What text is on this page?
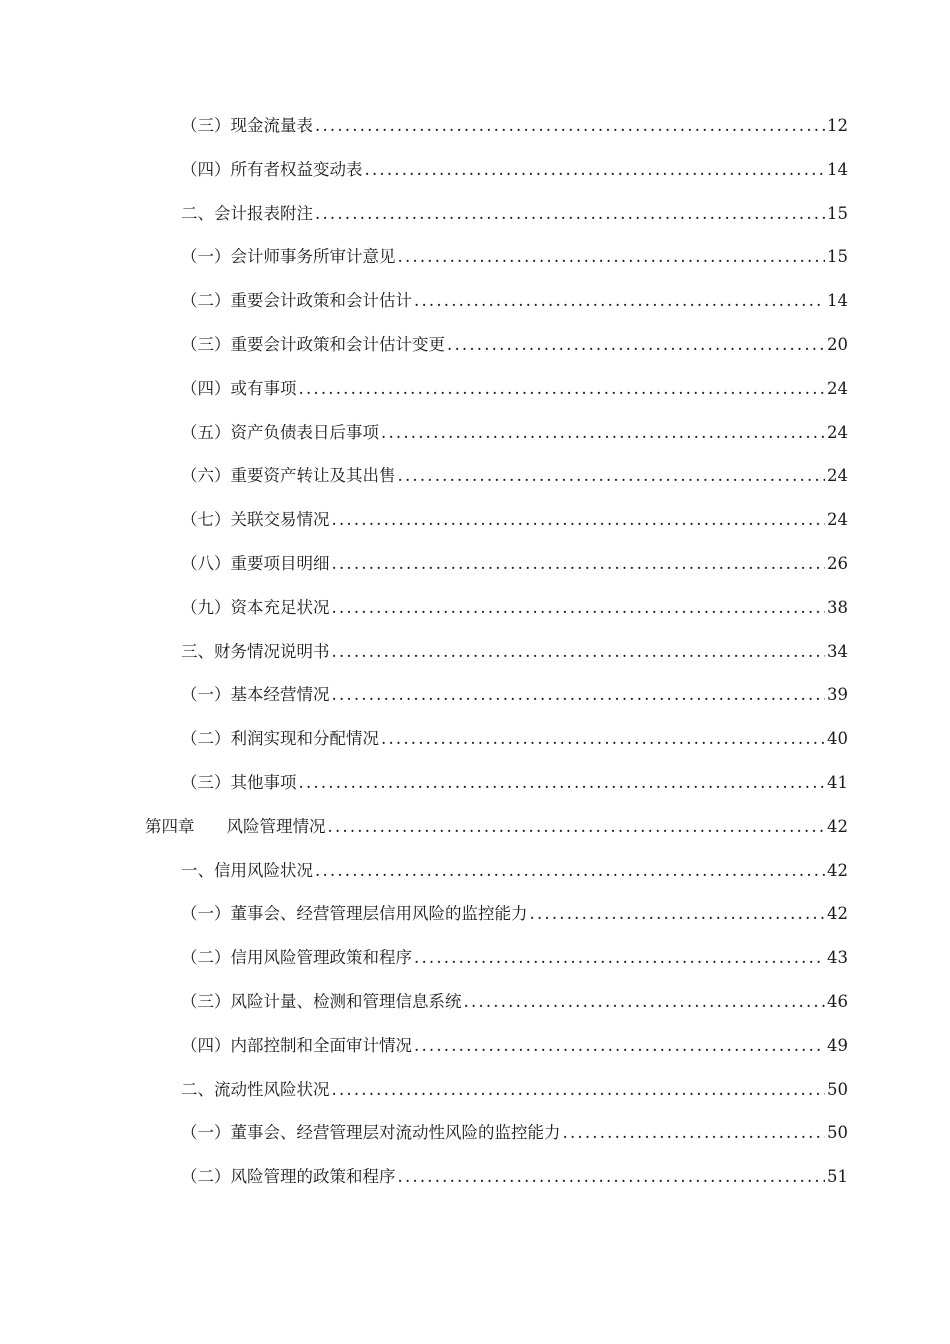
（三）现金流量表 .....	12
（四）所有者权益变动表 .....	14
二、会计报表附注 .....	15
（一）会计师事务所审计意见 .....	15
（二）重要会计政策和会计估计 .....	14
（三）重要会计政策和会计估计变更 .....	20
（四）或有事项 .....	24
（五）资产负债表日后事项 .....	24
（六）重要资产转让及其出售 .....	24
（七）关联交易情况 .....	24
（八）重要项目明细 .....	26
（九）资本充足状况 .....	38
三、财务情况说明书 .....	34
（一）基本经营情况 .....	39
（二）利润实现和分配情况 .....	40
（三）其他事项 .....	41
第四章 风险管理情况 .....	42
一、信用风险状况 .....	42
（一）董事会、经营管理层信用风险的监控能力 .....	42
（二）信用风险管理政策和程序 .....	43
（三）风险计量、检测和管理信息系统 .....	46
（四）内部控制和全面审计情况 .....	49
二、流动性风险状况 .....	50
（一）董事会、经营管理层对流动性风险的监控能力 .....	50
（二）风险管理的政策和程序 .....	51
